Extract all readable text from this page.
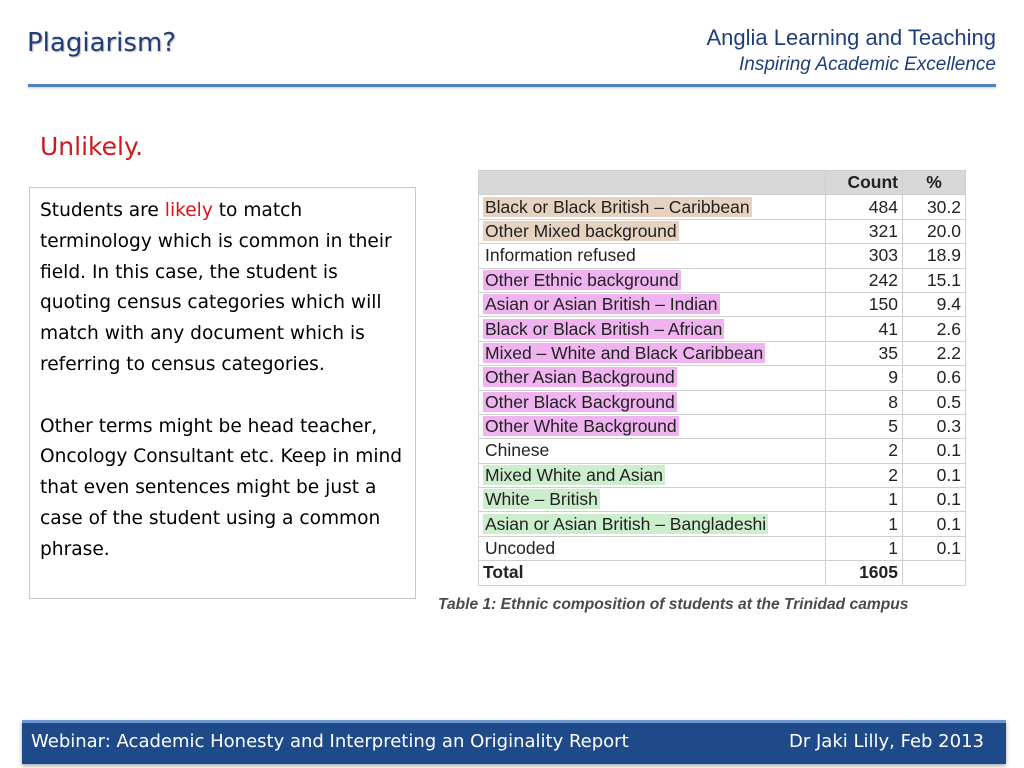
Plagiarism?	Anglia Learning and Teaching
Inspiring Academic Excellence
Unlikely.

Students are likely to match terminology which is common in their field. In this case, the student is quoting census categories which will match with any document which is referring to census categories.

Other terms might be head teacher, Oncology Consultant etc. Keep in mind that even sentences might be just a case of the student using a common phrase.

	Count	%
Black or Black British – Caribbean	484	30.2
Other Mixed background	321	20.0
Information refused	303	18.9
Other Ethnic background	242	15.1
Asian or Asian British – Indian	150	9.4
Black or Black British – African	41	2.6
Mixed – White and Black Caribbean	35	2.2
Other Asian Background	9	0.6
Other Black Background	8	0.5
Other White Background	5	0.3
Chinese	2	0.1
Mixed White and Asian	2	0.1
White – British	1	0.1
Asian or Asian British – Bangladeshi	1	0.1
Uncoded	1	0.1
Total	1605	
Table 1: Ethnic composition of students at the Trinidad campus
Webinar: Academic Honesty and Interpreting an Originality Report	Dr Jaki Lilly, Feb 2013
